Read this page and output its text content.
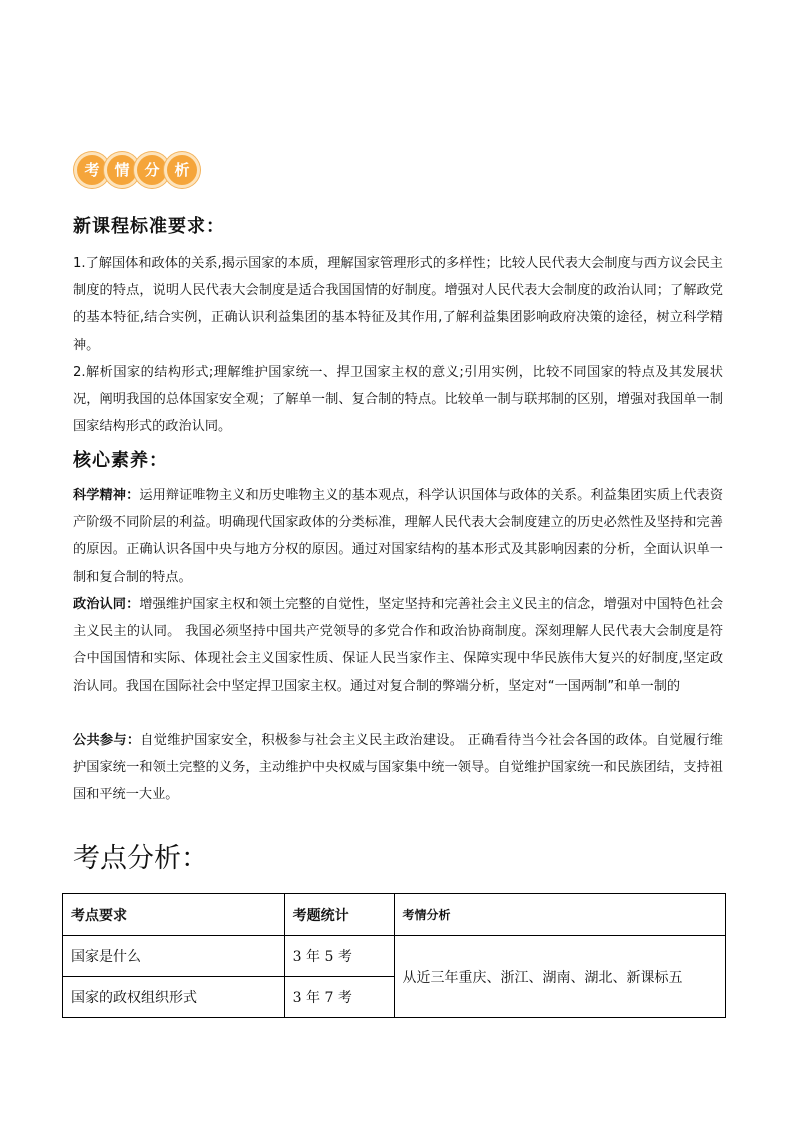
考 情 分 析
新课程标准要求：
1.了解国体和政体的关系,揭示国家的本质，理解国家管理形式的多样性；比较人民代表大会制度与西方议会民主制度的特点，说明人民代表大会制度是适合我国国情的好制度。增强对人民代表大会制度的政治认同；了解政党的基本特征,结合实例，正确认识利益集团的基本特征及其作用,了解利益集团影响政府决策的途径，树立科学精神。
2.解析国家的结构形式;理解维护国家统一、捍卫国家主权的意义;引用实例，比较不同国家的特点及其发展状况，阐明我国的总体国家安全观；了解单一制、复合制的特点。比较单一制与联邦制的区别，增强对我国单一制国家结构形式的政治认同。
核心素养：
科学精神：运用辩证唯物主义和历史唯物主义的基本观点，科学认识国体与政体的关系。利益集团实质上代表资产阶级不同阶层的利益。明确现代国家政体的分类标准，理解人民代表大会制度建立的历史必然性及坚持和完善的原因。正确认识各国中央与地方分权的原因。通过对国家结构的基本形式及其影响因素的分析，全面认识单一制和复合制的特点。
政治认同：增强维护国家主权和领土完整的自觉性，坚定坚持和完善社会主义民主的信念，增强对中国特色社会主义民主的认同。 我国必须坚持中国共产党领导的多党合作和政治协商制度。深刻理解人民代表大会制度是符合中国国情和实际、体现社会主义国家性质、保证人民当家作主、保障实现中华民族伟大复兴的好制度,坚定政治认同。我国在国际社会中坚定捍卫国家主权。通过对复合制的弊端分析，坚定对“一国两制”和单一制的
公共参与：自觉维护国家安全，积极参与社会主义民主政治建设。 正确看待当今社会各国的政体。自觉履行维护国家统一和领土完整的义务，主动维护中央权威与国家集中统一领导。自觉维护国家统一和民族团结，支持祖国和平统一大业。
考点分析：
考点要求	考题统计	考情分析
国家是什么	3 年 5 考	从近三年重庆、浙江、湖南、湖北、新课标五
国家的政权组织形式	3 年 7 考	
